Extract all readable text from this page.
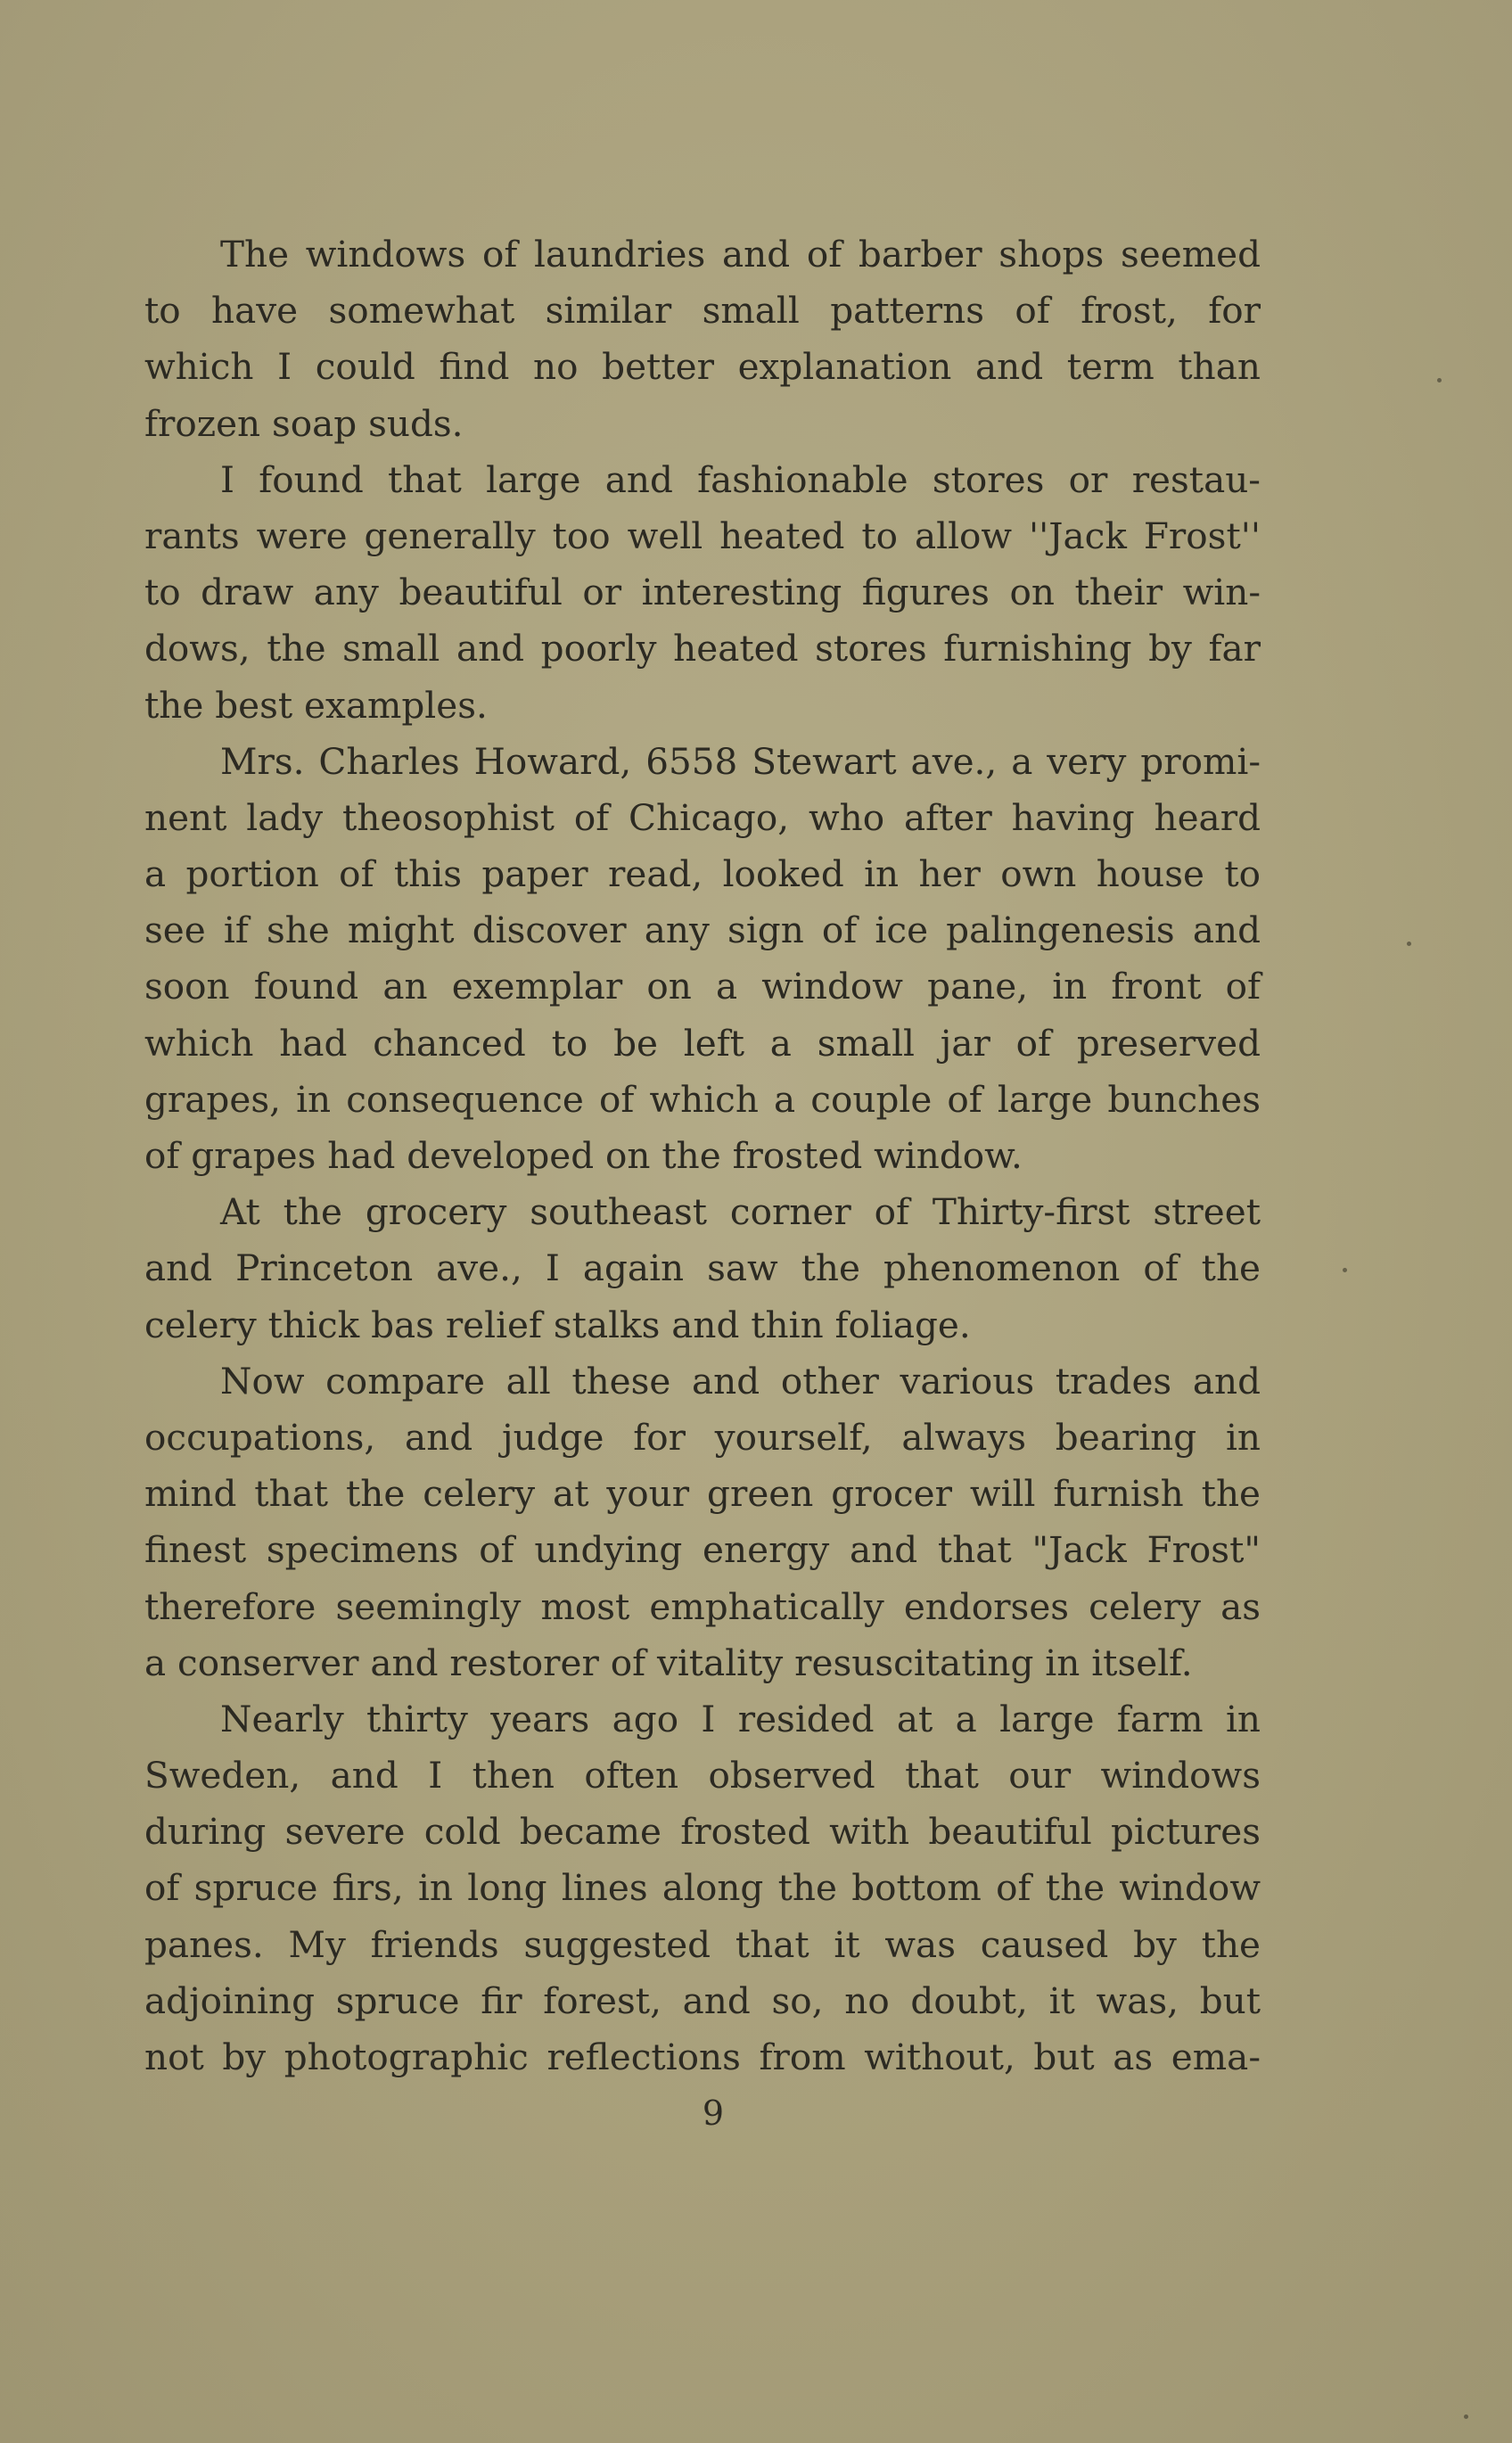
The windows of laundries and of barber shops seemed
to have somewhat similar small patterns of frost, for
which I could find no better explanation and term than
frozen soap suds.
I found that large and fashionable stores or restau-
rants were generally too well heated to allow ''Jack Frost''
to draw any beautiful or interesting figures on their win-
dows, the small and poorly heated stores furnishing by far
the best examples.
Mrs. Charles Howard, 6558 Stewart ave., a very promi-
nent lady theosophist of Chicago, who after having heard
a portion of this paper read, looked in her own house to
see if she might discover any sign of ice palingenesis and
soon found an exemplar on a window pane, in front of
which had chanced to be left a small jar of preserved
grapes, in consequence of which a couple of large bunches
of grapes had developed on the frosted window.
At the grocery southeast corner of Thirty-first street
and Princeton ave., I again saw the phenomenon of the
celery thick bas relief stalks and thin foliage.
Now compare all these and other various trades and
occupations, and judge for yourself, always bearing in
mind that the celery at your green grocer will furnish the
finest specimens of undying energy and that "Jack Frost"
therefore seemingly most emphatically endorses celery as
a conserver and restorer of vitality resuscitating in itself.
Nearly thirty years ago I resided at a large farm in
Sweden, and I then often observed that our windows
during severe cold became frosted with beautiful pictures
of spruce firs, in long lines along the bottom of the window
panes. My friends suggested that it was caused by the
adjoining spruce fir forest, and so, no doubt, it was, but
not by photographic reflections from without, but as ema-
9
